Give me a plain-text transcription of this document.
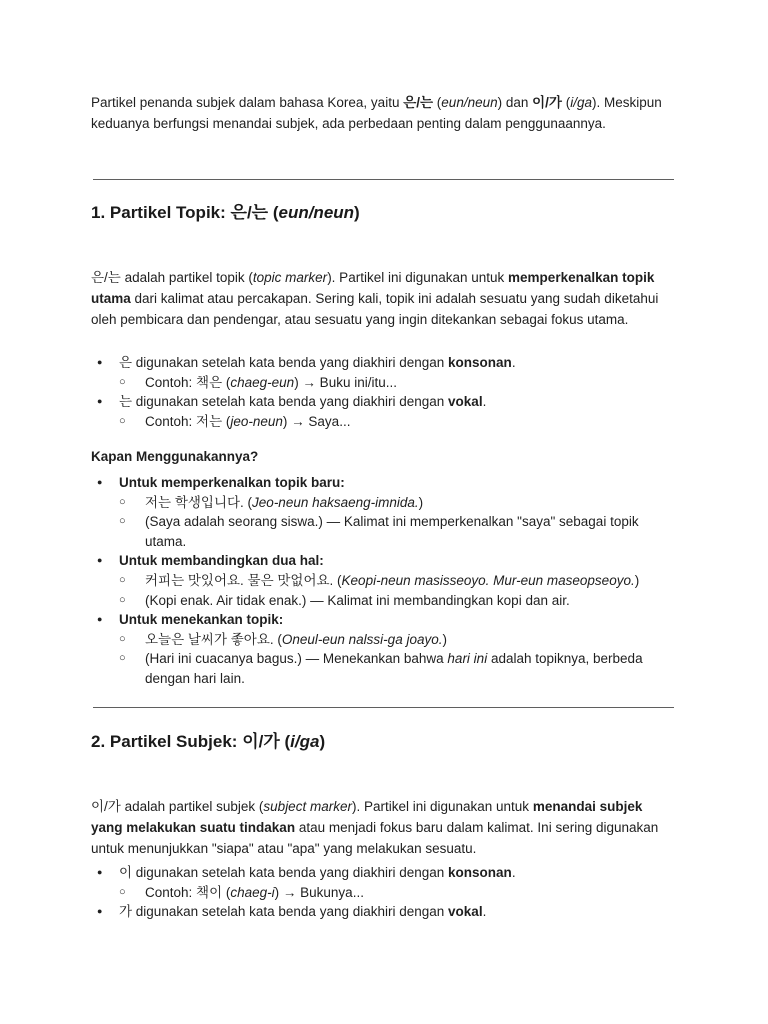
Partikel penanda subjek dalam bahasa Korea, yaitu 은/는 (eun/neun) dan 이/가 (i/ga). Meskipun keduanya berfungsi menandai subjek, ada perbedaan penting dalam penggunaannya.

1. Partikel Topik: 은/는 (eun/neun)

은/는 adalah partikel topik (topic marker). Partikel ini digunakan untuk memperkenalkan topik utama dari kalimat atau percakapan. Sering kali, topik ini adalah sesuatu yang sudah diketahui oleh pembicara dan pendengar, atau sesuatu yang ingin ditekankan sebagai fokus utama.

● 은 digunakan setelah kata benda yang diakhiri dengan konsonan.
○ Contoh: 책은 (chaeg-eun) → Buku ini/itu...
● 는 digunakan setelah kata benda yang diakhiri dengan vokal.
○ Contoh: 저는 (jeo-neun) → Saya...
Kapan Menggunakannya?
● Untuk memperkenalkan topik baru:
○ 저는 학생입니다. (Jeo-neun haksaeng-imnida.)
○ (Saya adalah seorang siswa.) — Kalimat ini memperkenalkan "saya" sebagai topik utama.
● Untuk membandingkan dua hal:
○ 커피는 맛있어요. 물은 맛없어요. (Keopi-neun masisseoyo. Mur-eun maseopseoyo.)
○ (Kopi enak. Air tidak enak.) — Kalimat ini membandingkan kopi dan air.
● Untuk menekankan topik:
○ 오늘은 날씨가 좋아요. (Oneul-eun nalssi-ga joayo.)
○ (Hari ini cuacanya bagus.) — Menekankan bahwa hari ini adalah topiknya, berbeda dengan hari lain.
2. Partikel Subjek: 이/가 (i/ga)

이/가 adalah partikel subjek (subject marker). Partikel ini digunakan untuk menandai subjek yang melakukan suatu tindakan atau menjadi fokus baru dalam kalimat. Ini sering digunakan untuk menunjukkan "siapa" atau "apa" yang melakukan sesuatu.

● 이 digunakan setelah kata benda yang diakhiri dengan konsonan.
○ Contoh: 책이 (chaeg-i) → Bukunya...
● 가 digunakan setelah kata benda yang diakhiri dengan vokal.
